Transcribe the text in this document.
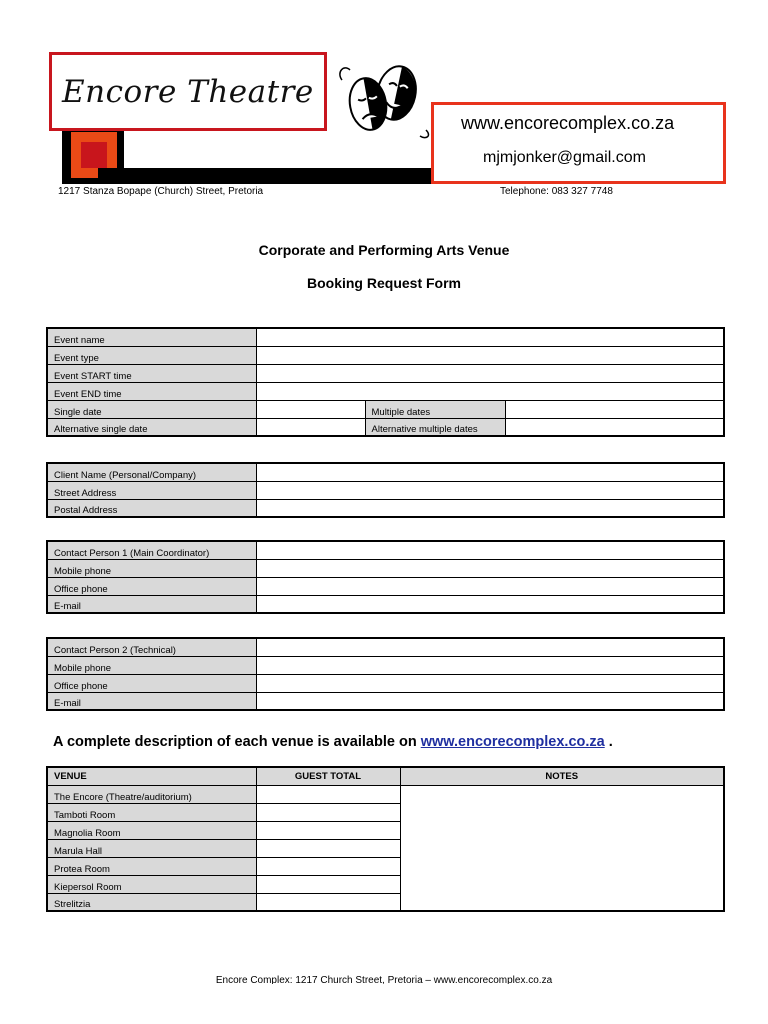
Encore Theatre
www.encorecomplex.co.za
mjmjonker@gmail.com
1217 Stanza Bopape (Church) Street, Pretoria	Telephone: 083 327 7748
Corporate and Performing Arts Venue
Booking Request Form
Event name			
Event type			
Event START time			
Event END time			
Single date		Multiple dates	
Alternative single date		Alternative multiple dates	
Client Name (Personal/Company)	
Street Address	
Postal Address	
Contact Person 1 (Main Coordinator)	
Mobile phone	
Office phone	
E-mail	
Contact Person 2 (Technical)	
Mobile phone	
Office phone	
E-mail	
A complete description of each venue is available on www.encorecomplex.co.za .
VENUE	GUEST TOTAL	NOTES
The Encore (Theatre/auditorium)		
Tamboti Room		
Magnolia Room		
Marula Hall		
Protea Room		
Kiepersol Room		
Strelitzia		
Encore Complex: 1217 Church Street, Pretoria – www.encorecomplex.co.za
